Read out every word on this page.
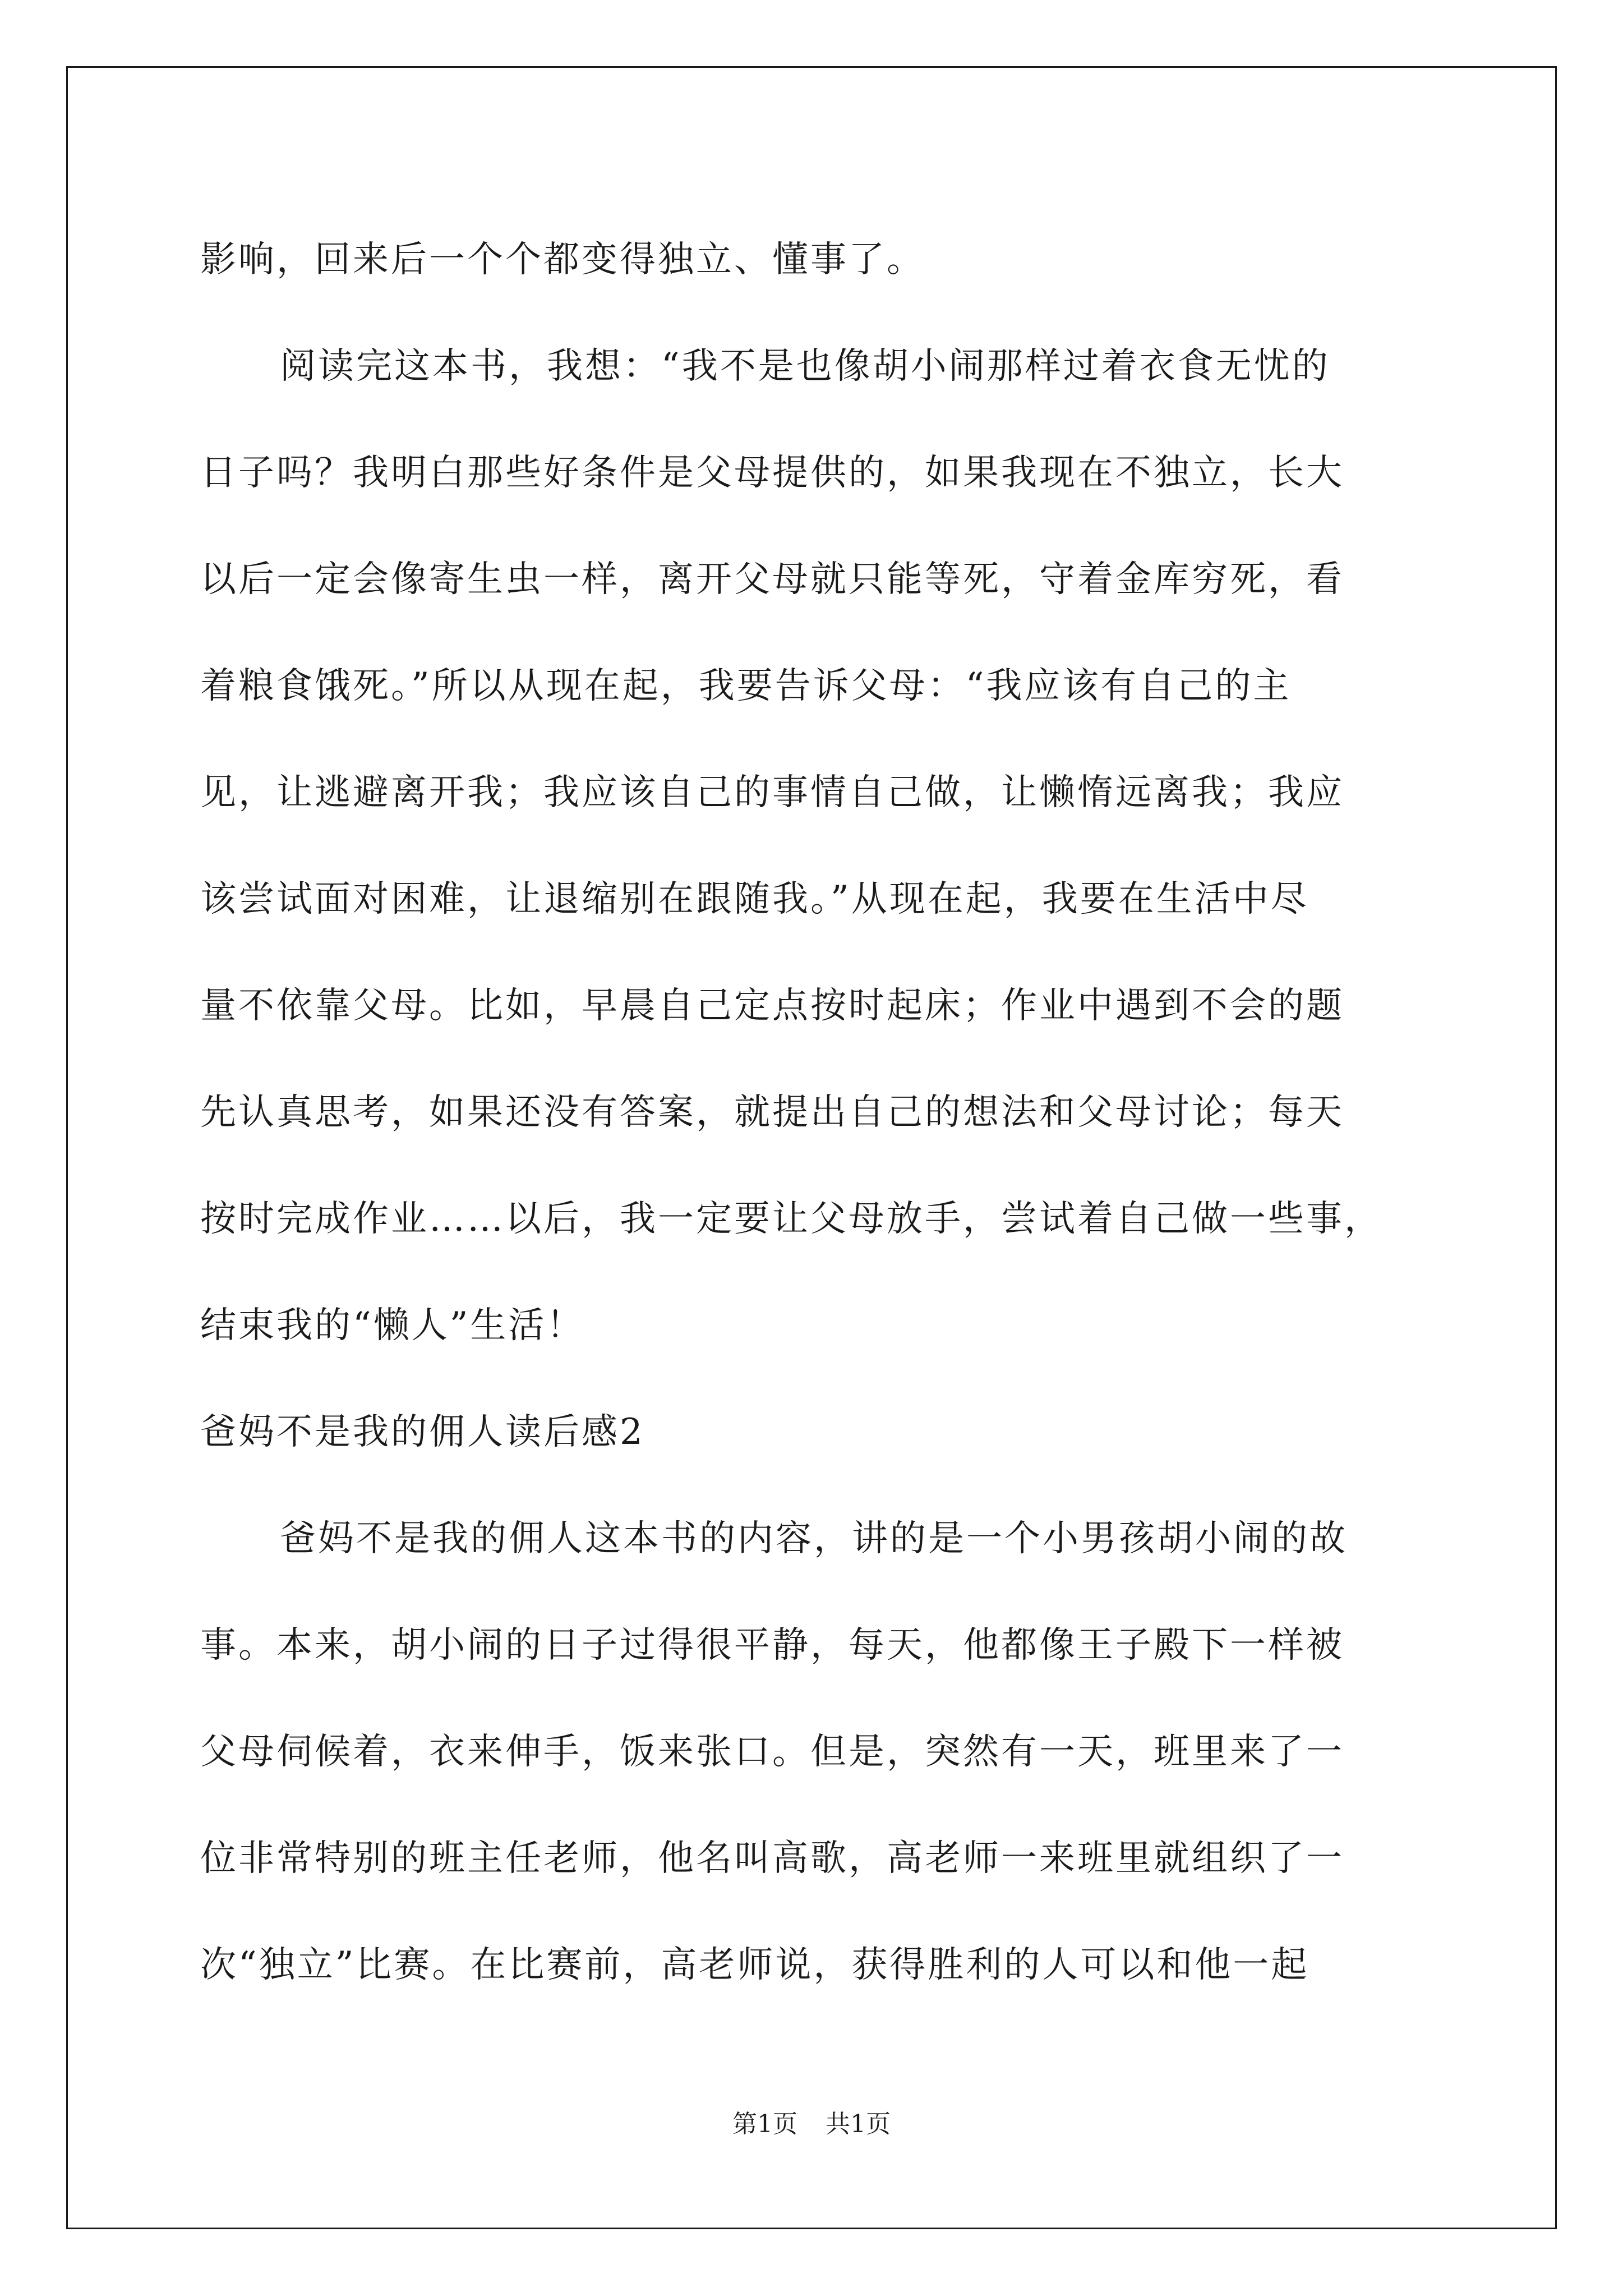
影响，回来后一个个都变得独立、懂事了。

阅读完这本书，我想：“我不是也像胡小闹那样过着衣食无忧的

日子吗？我明白那些好条件是父母提供的，如果我现在不独立，长大

以后一定会像寄生虫一样，离开父母就只能等死，守着金库穷死，看

着粮食饿死。”所以从现在起，我要告诉父母：“我应该有自己的主

见，让逃避离开我；我应该自己的事情自己做，让懒惰远离我；我应

该尝试面对困难，让退缩别在跟随我。”从现在起，我要在生活中尽

量不依靠父母。比如，早晨自己定点按时起床；作业中遇到不会的题

先认真思考，如果还没有答案，就提出自己的想法和父母讨论；每天

按时完成作业……以后，我一定要让父母放手，尝试着自己做一些事，

结束我的“懒人”生活！

爸妈不是我的佣人读后感2

爸妈不是我的佣人这本书的内容，讲的是一个小男孩胡小闹的故

事。本来，胡小闹的日子过得很平静，每天，他都像王子殿下一样被

父母伺候着，衣来伸手，饭来张口。但是，突然有一天，班里来了一

位非常特别的班主任老师，他名叫高歌，高老师一来班里就组织了一

次“独立”比赛。在比赛前，高老师说，获得胜利的人可以和他一起

第1页 共1页
